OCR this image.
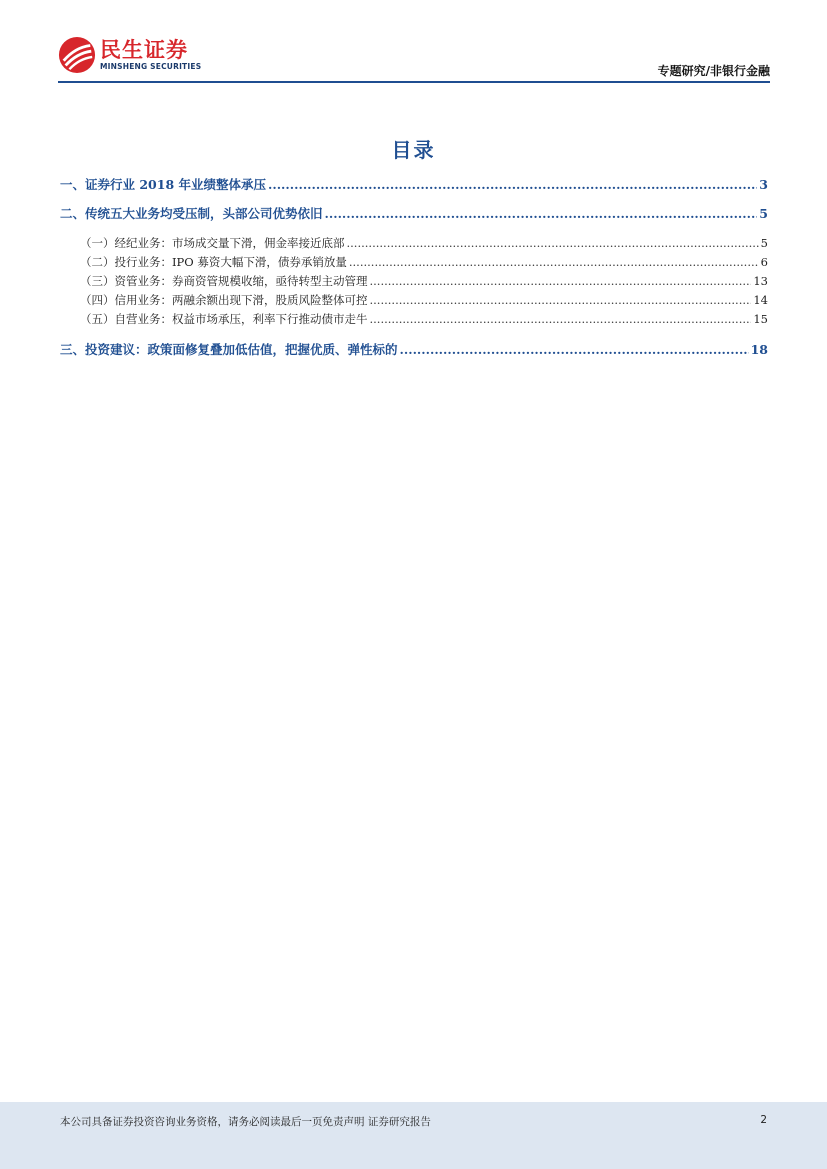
民生证券
MINSHENG SECURITIES	专题研究/非银行金融
目录
一、证券行业 2018 年业绩整体承压 .....	3
二、传统五大业务均受压制，头部公司优势依旧 .....	5
（一）经纪业务：市场成交量下滑，佣金率接近底部 .....	5
（二）投行业务：IPO 募资大幅下滑，债券承销放量 .....	6
（三）资管业务：券商资管规模收缩，亟待转型主动管理 .....	13
（四）信用业务：两融余额出现下滑，股质风险整体可控 .....	14
（五）自营业务：权益市场承压，利率下行推动债市走牛 .....	15
三、投资建议：政策面修复叠加低估值，把握优质、弹性标的 .....	18
本公司具备证券投资咨询业务资格，请务必阅读最后一页免责声明 证券研究报告	2
